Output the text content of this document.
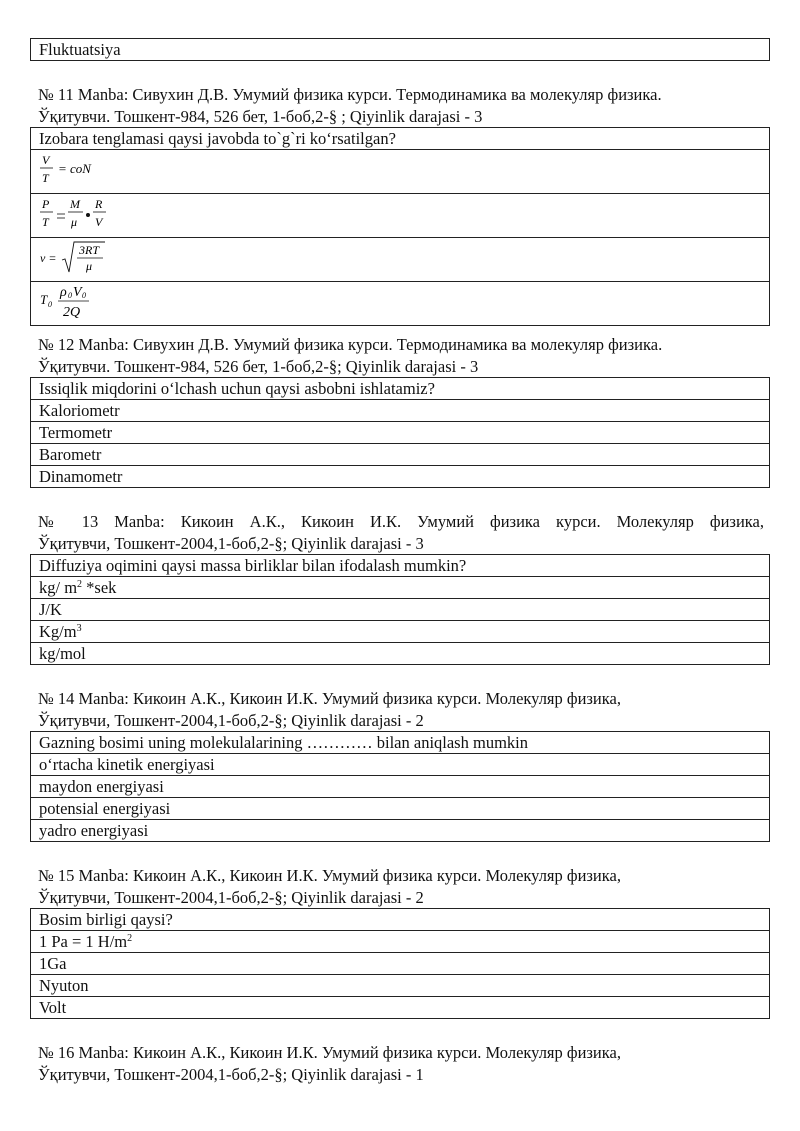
Fluktuatsiya
№ 11 Manba: Сивухин Д.В. Умумий физика курси. Термодинамика ва молекуляр физика.
Ўқитувчи. Тошкент-984, 526 бет, 1-боб,2-§ ; Qiyinlik darajasi - 3
Izobara tenglamasi qaysi javobda to`g`ri ko‘rsatilgan?

V
T
= coN

P
T
M
μ
R
V

v =
3RT
μ

T 0
ρ 0 V 0
2Q
№ 12 Manba: Сивухин Д.В. Умумий физика курси. Термодинамика ва молекуляр физика.
Ўқитувчи. Тошкент-984, 526 бет, 1-боб,2-§; Qiyinlik darajasi - 3
Issiqlik miqdorini o‘lchash uchun qaysi asbobni ishlatamiz?
Kaloriometr
Termometr
Barometr
Dinamometr
№ 13 Manba: Кикоин А.К., Кикоин И.К. Умумий физика курси. Молекуляр физика,
Ўқитувчи, Тошкент-2004,1-боб,2-§; Qiyinlik darajasi - 3
Diffuziya oqimini qaysi massa birliklar bilan ifodalash mumkin?
kg/ $m^2$ *sek
J/K
$Kg/m^3$
kg/mol
№ 14 Manba: Кикоин А.К., Кикоин И.К. Умумий физика курси. Молекуляр физика,
Ўқитувчи, Тошкент-2004,1-боб,2-§; Qiyinlik darajasi - 2
Gazning bosimi uning molekulalarining ………… bilan aniqlash mumkin
o‘rtacha kinetik energiyasi
maydon energiyasi
potensial energiyasi
yadro energiyasi
№ 15 Manba: Кикоин А.К., Кикоин И.К. Умумий физика курси. Молекуляр физика,
Ўқитувчи, Тошкент-2004,1-боб,2-§; Qiyinlik darajasi - 2
Bosim birligi qaysi?
1 Pa = 1 $H/m^2$
1Ga
Nyuton
Volt
№ 16 Manba: Кикоин А.К., Кикоин И.К. Умумий физика курси. Молекуляр физика,
Ўқитувчи, Тошкент-2004,1-боб,2-§; Qiyinlik darajasi - 1
